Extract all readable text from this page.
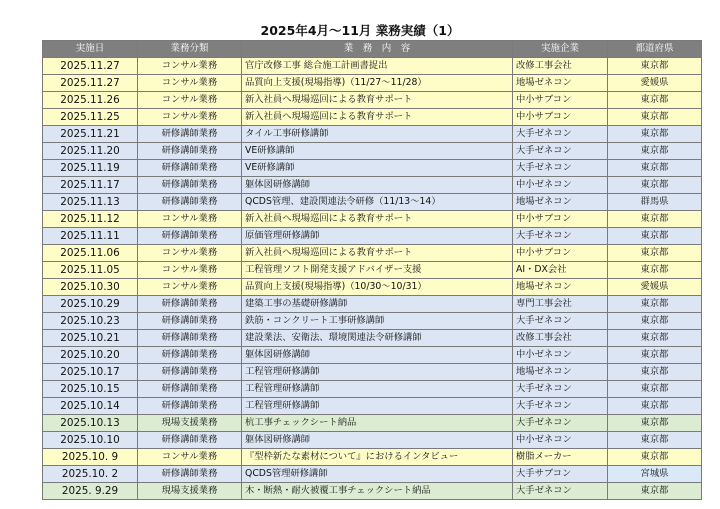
2025年4月～11月 業務実績（1）
実施日	業務分類	業　務　内　容	実施企業	都道府県
2025.11.27	コンサル業務	官庁改修工事 総合施工計画書捉出	改修工事会社	東京都
2025.11.27	コンサル業務	品質向上支援(現場指導)（11/27～11/28）	地場ゼネコン	愛媛県
2025.11.26	コンサル業務	新入社員へ現場巡回による教育サポート	中小サブコン	東京都
2025.11.25	コンサル業務	新入社員へ現場巡回による教育サポート	中小サブコン	東京都
2025.11.21	研修講師業務	タイル工事研修講師	大手ゼネコン	東京都
2025.11.20	研修講師業務	VE研修講師	大手ゼネコン	東京都
2025.11.19	研修講師業務	VE研修講師	大手ゼネコン	東京都
2025.11.17	研修講師業務	躯体図研修講師	中小ゼネコン	東京都
2025.11.13	研修講師業務	QCDS管理、建設関連法令研修（11/13～14）	地場ゼネコン	群馬県
2025.11.12	コンサル業務	新入社員へ現場巡回による教育サポート	中小サブコン	東京都
2025.11.11	研修講師業務	原価管理研修講師	大手ゼネコン	東京都
2025.11.06	コンサル業務	新入社員へ現場巡回による教育サポート	中小サブコン	東京都
2025.11.05	コンサル業務	工程管理ソフト開発支援アドバイザー支援	AI・DX会社	東京都
2025.10.30	コンサル業務	品質向上支援(現場指導)（10/30～10/31）	地場ゼネコン	愛媛県
2025.10.29	研修講師業務	建築工事の基礎研修講師	専門工事会社	東京都
2025.10.23	研修講師業務	鉄筋・コンクリート工事研修講師	大手ゼネコン	東京都
2025.10.21	研修講師業務	建設業法、安衛法、環境関連法令研修講師	改修工事会社	東京都
2025.10.20	研修講師業務	躯体図研修講師	中小ゼネコン	東京都
2025.10.17	研修講師業務	工程管理研修講師	地場ゼネコン	東京都
2025.10.15	研修講師業務	工程管理研修講師	大手ゼネコン	東京都
2025.10.14	研修講師業務	工程管理研修講師	大手ゼネコン	東京都
2025.10.13	現場支援業務	杭工事チェックシート納品	大手ゼネコン	東京都
2025.10.10	研修講師業務	躯体図研修講師	中小ゼネコン	東京都
2025.10. 9	コンサル業務	『型枠新たな素材について』におけるインタビュー	樹脂メーカー	東京都
2025.10. 2	研修講師業務	QCDS管理研修講師	大手サブコン	宮城県
2025. 9.29	現場支援業務	木・断熱・耐火被覆工事チェックシート納品	大手ゼネコン	東京都
